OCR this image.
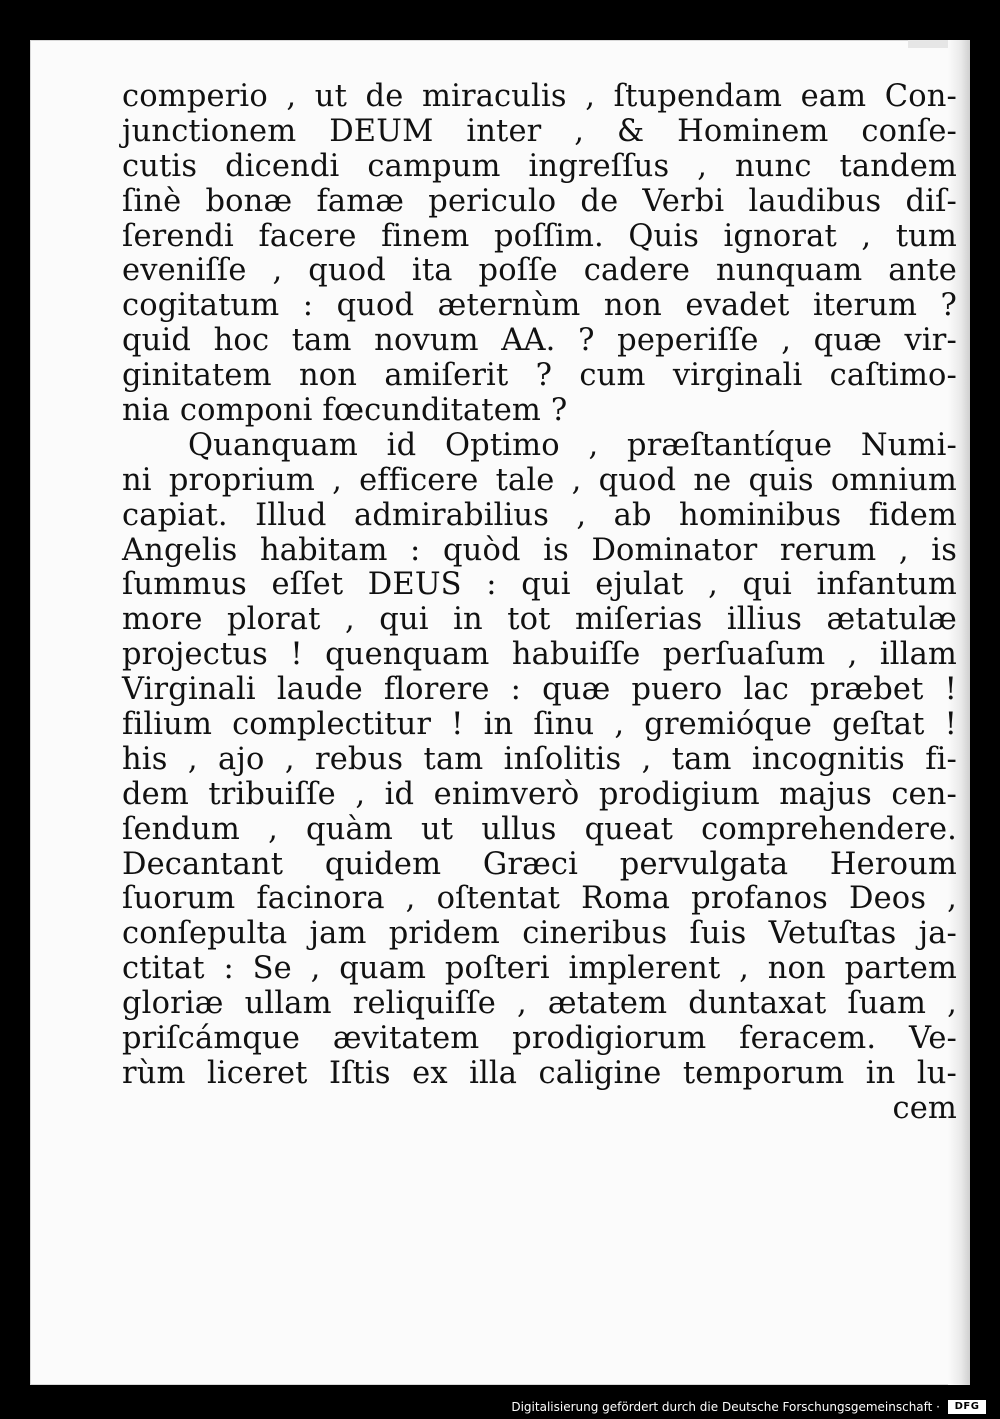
comperio , ut de miraculis , ſtupendam eam Con-
junctionem DEUM inter , & Hominem conſe-
cutis dicendi campum ingreſſus , nunc tandem
ſinè bonæ famæ periculo de Verbi laudibus diſ-
ſerendi facere finem poſſim. Quis ignorat , tum
eveniſſe , quod ita poſſe cadere nunquam ante
cogitatum : quod æternùm non evadet iterum ?
quid hoc tam novum AA. ? peperiſſe , quæ vir-
ginitatem non amiſerit ? cum virginali caſtimo-
nia componi fœcunditatem ?
Quanquam id Optimo , præſtantíque Numi-
ni proprium , efficere tale , quod ne quis omnium
capiat. Illud admirabilius , ab hominibus fidem
Angelis habitam : quòd is Dominator rerum , is
ſummus eſſet DEUS : qui ejulat , qui infantum
more plorat , qui in tot miſerias illius ætatulæ
projectus ! quenquam habuiſſe perſuaſum , illam
Virginali laude florere : quæ puero lac præbet !
filium complectitur ! in ſinu , gremióque geſtat !
his , ajo , rebus tam inſolitis , tam incognitis fi-
dem tribuiſſe , id enimverò prodigium majus cen-
ſendum , quàm ut ullus queat comprehendere.
Decantant quidem Græci pervulgata Heroum
ſuorum facinora , oſtentat Roma profanos Deos ,
conſepulta jam pridem cineribus ſuis Vetuſtas ja-
ctitat : Se , quam poſteri implerent , non partem
gloriæ ullam reliquiſſe , ætatem duntaxat ſuam ,
priſcámque ævitatem prodigiorum feracem. Ve-
rùm liceret Iſtis ex illa caligine temporum in lu-
cem
Digitalisierung gefördert durch die Deutsche Forschungsgemeinschaft ·	DFG
